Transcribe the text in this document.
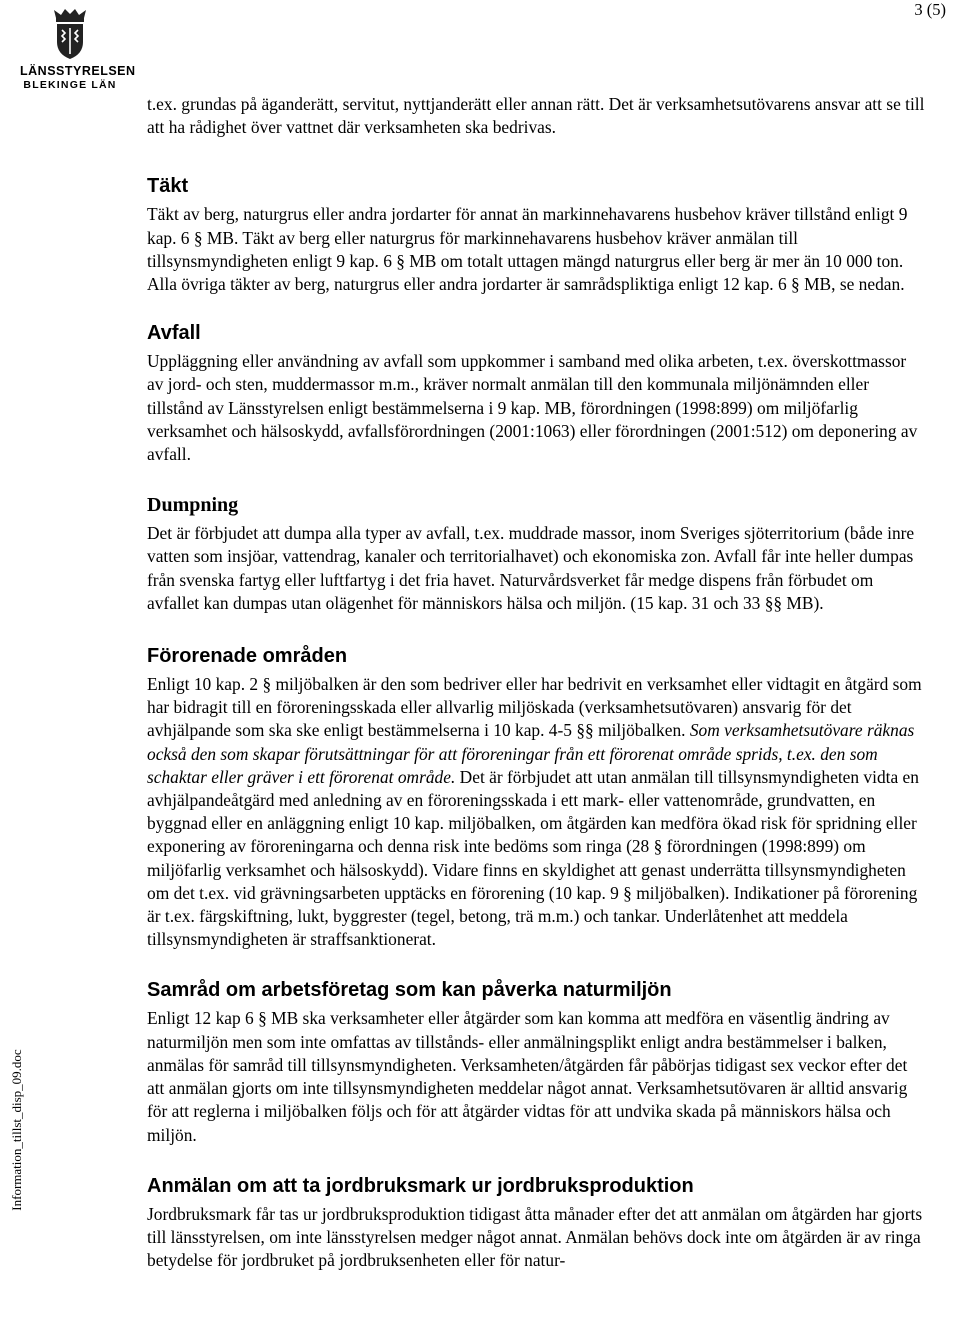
LÄNSSTYRELSEN
BLEKINGE LÄN
3 (5)
Information_tillst_disp_09.doc

t.ex. grundas på äganderätt, servitut, nyttjanderätt eller annan rätt. Det är verksamhetsutövarens ansvar att se till att ha rådighet över vattnet där verksamheten ska bedrivas.

Täkt

Täkt av berg, naturgrus eller andra jordarter för annat än markinnehavarens husbehov kräver tillstånd enligt 9 kap. 6 § MB. Täkt av berg eller naturgrus för markinnehavarens husbehov kräver anmälan till tillsynsmyndigheten enligt 9 kap. 6 § MB om totalt uttagen mängd naturgrus eller berg är mer än 10 000 ton. Alla övriga täkter av berg, naturgrus eller andra jordarter är samrådspliktiga enligt 12 kap. 6 § MB, se nedan.

Avfall

Uppläggning eller användning av avfall som uppkommer i samband med olika arbeten, t.ex. överskottmassor av jord- och sten, muddermassor m.m., kräver normalt anmälan till den kommunala miljönämnden eller tillstånd av Länsstyrelsen enligt bestämmelserna i 9 kap. MB, förordningen (1998:899) om miljöfarlig verksamhet och hälsoskydd, avfallsförordningen (2001:1063) eller förordningen (2001:512) om deponering av avfall.

Dumpning

Det är förbjudet att dumpa alla typer av avfall, t.ex. muddrade massor, inom Sveriges sjöterritorium (både inre vatten som insjöar, vattendrag, kanaler och territorialhavet) och ekonomiska zon. Avfall får inte heller dumpas från svenska fartyg eller luftfartyg i det fria havet. Naturvårdsverket får medge dispens från förbudet om avfallet kan dumpas utan olägenhet för människors hälsa och miljön. (15 kap. 31 och 33 §§ MB).

Förorenade områden

Enligt 10 kap. 2 § miljöbalken är den som bedriver eller har bedrivit en verksamhet eller vidtagit en åtgärd som har bidragit till en föroreningsskada eller allvarlig miljöskada (verksamhetsutövaren) ansvarig för det avhjälpande som ska ske enligt bestämmelserna i 10 kap. 4-5 §§ miljöbalken. Som verksamhetsutövare räknas också den som skapar förutsättningar för att föroreningar från ett förorenat område sprids, t.ex. den som schaktar eller gräver i ett förorenat område. Det är förbjudet att utan anmälan till tillsynsmyndigheten vidta en avhjälpandeåtgärd med anledning av en föroreningsskada i ett mark- eller vattenområde, grundvatten, en byggnad eller en anläggning enligt 10 kap. miljöbalken, om åtgärden kan medföra ökad risk för spridning eller exponering av föroreningarna och denna risk inte bedöms som ringa (28 § förordningen (1998:899) om miljöfarlig verksamhet och hälsoskydd). Vidare finns en skyldighet att genast underrätta tillsynsmyndigheten om det t.ex. vid grävningsarbeten upptäcks en förorening (10 kap. 9 § miljöbalken). Indikationer på förorening är t.ex. färgskiftning, lukt, byggrester (tegel, betong, trä m.m.) och tankar. Underlåtenhet att meddela tillsynsmyndigheten är straffsanktionerat.

Samråd om arbetsföretag som kan påverka naturmiljön

Enligt 12 kap 6 § MB ska verksamheter eller åtgärder som kan komma att medföra en väsentlig ändring av naturmiljön men som inte omfattas av tillstånds- eller anmälningsplikt enligt andra bestämmelser i balken, anmälas för samråd till tillsynsmyndigheten. Verksamheten/åtgärden får påbörjas tidigast sex veckor efter det att anmälan gjorts om inte tillsynsmyndigheten meddelar något annat. Verksamhetsutövaren är alltid ansvarig för att reglerna i miljöbalken följs och för att åtgärder vidtas för att undvika skada på människors hälsa och miljön.

Anmälan om att ta jordbruksmark ur jordbruksproduktion

Jordbruksmark får tas ur jordbruksproduktion tidigast åtta månader efter det att anmälan om åtgärden har gjorts till länsstyrelsen, om inte länsstyrelsen medger något annat. Anmälan behövs dock inte om åtgärden är av ringa betydelse för jordbruket på jordbruksenheten eller för natur-
